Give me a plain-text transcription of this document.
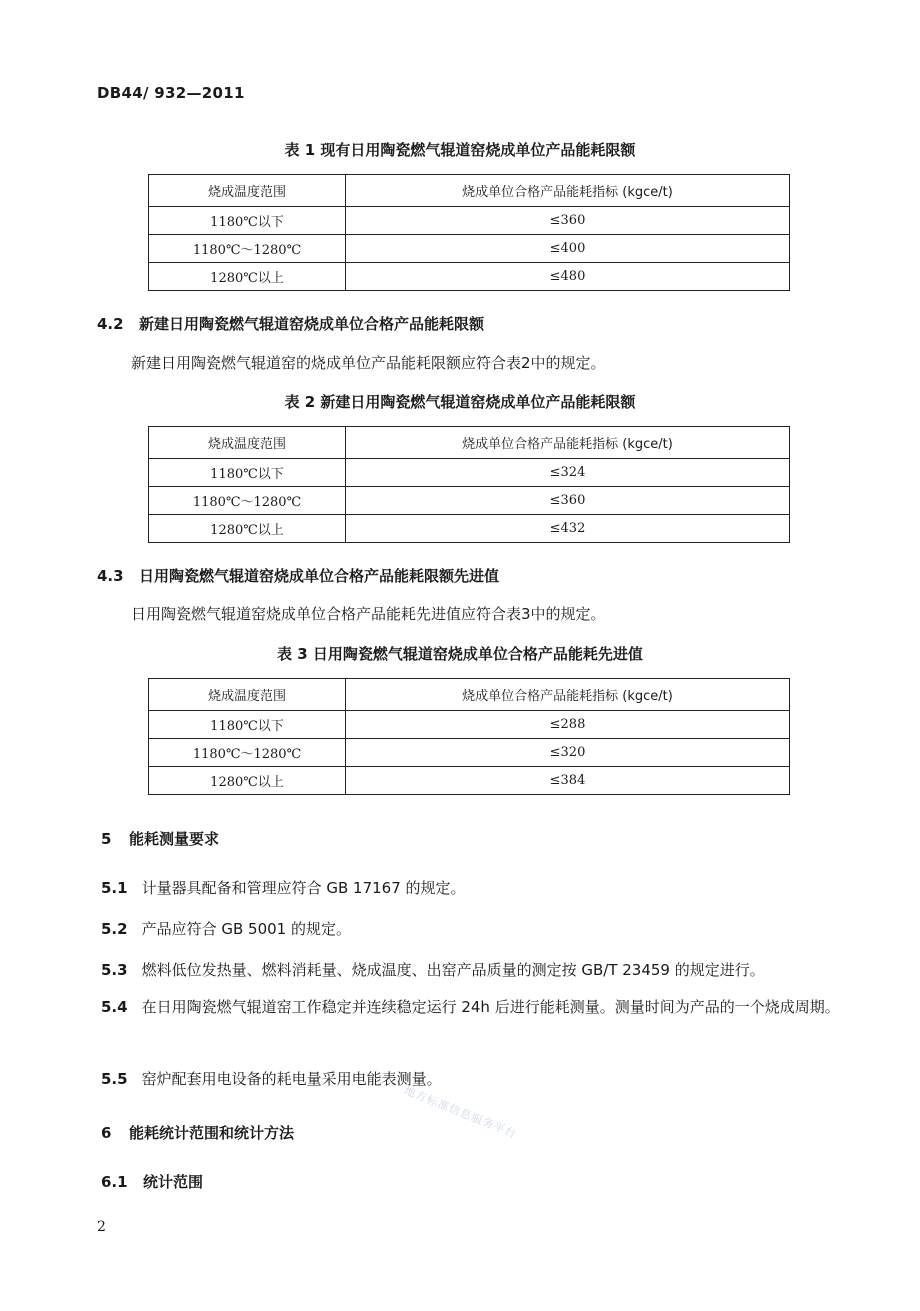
DB44/ 932—2011
表 1 现有日用陶瓷燃气辊道窑烧成单位产品能耗限额
烧成温度范围	烧成单位合格产品能耗指标 (kgce/t)
1180℃以下	≤360
1180℃～1280℃	≤400
1280℃以上	≤480
4.2 新建日用陶瓷燃气辊道窑烧成单位合格产品能耗限额
新建日用陶瓷燃气辊道窑的烧成单位产品能耗限额应符合表2中的规定。
表 2 新建日用陶瓷燃气辊道窑烧成单位产品能耗限额
烧成温度范围	烧成单位合格产品能耗指标 (kgce/t)
1180℃以下	≤324
1180℃～1280℃	≤360
1280℃以上	≤432
4.3 日用陶瓷燃气辊道窑烧成单位合格产品能耗限额先进值
日用陶瓷燃气辊道窑烧成单位合格产品能耗先进值应符合表3中的规定。
表 3 日用陶瓷燃气辊道窑烧成单位合格产品能耗先进值
烧成温度范围	烧成单位合格产品能耗指标 (kgce/t)
1180℃以下	≤288
1180℃～1280℃	≤320
1280℃以上	≤384
5 能耗测量要求
5.1 计量器具配备和管理应符合 GB 17167 的规定。
5.2 产品应符合 GB 5001 的规定。
5.3 燃料低位发热量、燃料消耗量、烧成温度、出窑产品质量的测定按 GB/T 23459 的规定进行。
5.4 在日用陶瓷燃气辊道窑工作稳定并连续稳定运行 24h 后进行能耗测量。测量时间为产品的一个烧成周期。
5.5 窑炉配套用电设备的耗电量采用电能表测量。
6 能耗统计范围和统计方法
6.1 统计范围
地方标准信息服务平台
2
